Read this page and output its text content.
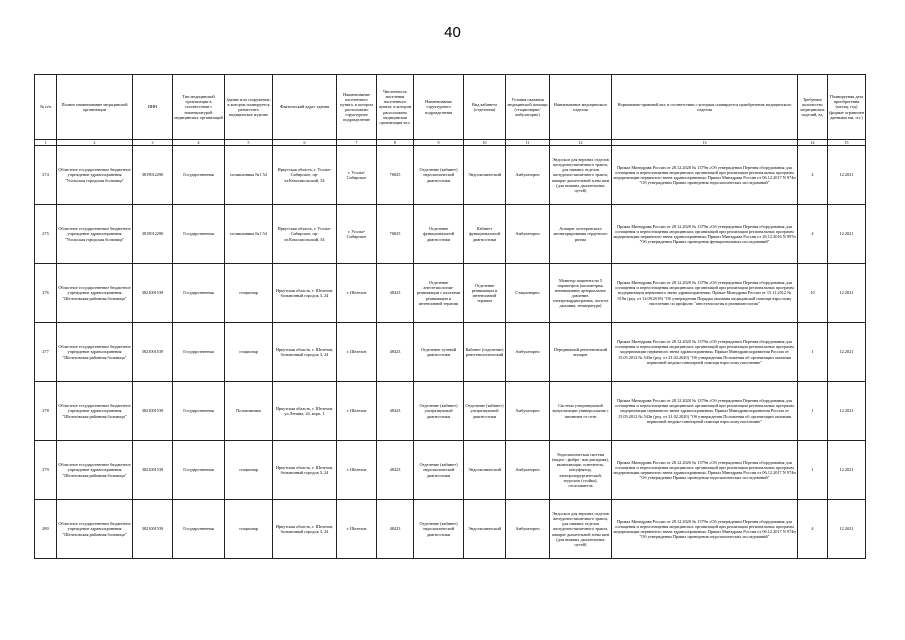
40
№ п/п	Полное наименование медицинской организации	ИНН	Тип медицинской организации в соответствии с номенклатурой медицинских организаций	Здание или сооружение, в котором планируется разместить медицинское изделие	Фактический адрес здания	Наименование населенного пункта, в котором расположено структурное подразделение	Численность населения населенного пункта, в котором расположена медицинская организация чел.	Наименование структурного подразделения	Вид кабинета (отделения)	Условия оказания медицинской помощи (стационарно/амбулаторно)	Наименование медицинского изделия	Нормативно-правовой акт, в соответствии с которым планируется приобретение медицинского изделия	Требуемое количество медицинских изделий, ед.	Планируемая дата приобретения (месяц, год) (формат ограничен данными мм. ггг.)
1	2	3	4	5	6	7	8	9	10	11	12	13	14	15
274	Областное государственное бюджетное учреждение здравоохранения "Усольская городская больница"	3819012290	Государственная	поликлиника №1 54	Иркутская область, г. Усолье-Сибирское, пр-кт.Комсомольский, 54	г. Усолье-Сибирское	76825	Отделение (кабинет) эндоскопической диагностики	Эндоскопический	Амбулаторно	Эндоскоп для верхних отделов желудочно-кишечного тракта, для нижних отделов желудочно-кишечного тракта, аппарат дыхательной зоны шеи (для нижних дыхательных путей)	Приказ Минздрава России от 28.12.2020 № 1379н «Об утверждении Перечня оборудования для оснащения и переоснащения медицинских организаций при реализации региональных программ модернизации первичного звена здравоохранения» Приказ Минздрава России от 06.12.2017 N 974н "Об утверждении Правил проведения эндоскопических исследований"	2	12.2021
275	Областное государственное бюджетное учреждение здравоохранения "Усольская городская больница"	3819012290	Государственная	поликлиника №1 54	Иркутская область, г. Усолье-Сибирское, пр-кт.Комсомольский, 54	г. Усолье-Сибирское	76825	Отделение функциональной диагностики	Кабинет функциональной диагностики	Амбулаторно	Аппарат холтеровского мониторирования сердечного ритма	Приказ Минздрава России от 28.12.2020 № 1379н «Об утверждении Перечня оборудования для оснащения и переоснащения медицинских организаций при реализации региональных программ модернизации первичного звена здравоохранения» Приказ Минздрава России от 26.12.2016 N 997н "Об утверждении Правил проведения функциональных исследований"	4	12.2021
276	Областное государственное бюджетное учреждение здравоохранения "Шелеховская районная больница"	3821001539	Государственная	стационар	Иркутская область, г. Шелехов, больничный городок 3, 24	г. Шелехов	48423	Отделение анестезиологии-реанимации с палатами реанимации и интенсивной терапии	Отделение реанимации и интенсивной терапии	Стационарно	Монитор пациента на 5 параметров (оксиметрия, неинвазивное артериальное давление, электрокардиограмма, частота дыхания, температура)	Приказ Минздрава России от 28.12.2020 № 1379н «Об утверждении Перечня оборудования для оснащения и переоснащения медицинских организаций при реализации региональных программ модернизации первичного звена здравоохранения» Приказ Минздрава России от 15.11.2012 № 919н (ред. от 14.09.2018) "Об утверждении Порядка оказания медицинской помощи взрослому населению по профилю "анестезиология и реаниматология"	10	12.2021
277	Областное государственное бюджетное учреждение здравоохранения "Шелеховская районная больница"	3821001539	Государственная	стационар	Иркутская область, г. Шелехов, больничный городок 3, 24	г. Шелехов	48423	Отделение лучевой диагностики	Кабинет (отделение) рентгенологический	Амбулаторно	Передвижной рентгеновский аппарат	Приказ Минздрава России от 28.12.2020 № 1379н «Об утверждении Перечня оборудования для оснащения и переоснащения медицинских организаций при реализации региональных программ модернизации первичного звена здравоохранения» Приказ Минздравсоцразвития России от 15.05.2012 № 543н (ред. от 21.02.2020) "Об утверждении Положения об организации оказания первичной медико-санитарной помощи взрослому населению"	1	12.2021
278	Областное государственное бюджетное учреждение здравоохранения "Шелеховская районная больница"	3821001539	Государственная	Поликлиника	Иркутская область, г. Шелехов, ул.Ленина, 24, корп. 1	г. Шелехов	48423	Отделение (кабинет) ультразвуковой диагностики	Отделение (кабинет) ультразвуковой диагностики	Амбулаторно	Система ультразвуковой визуализации универсальная с питанием от сети	Приказ Минздрава России от 28.12.2020 № 1379н «Об утверждении Перечня оборудования для оснащения и переоснащения медицинских организаций при реализации региональных программ модернизации первичного звена здравоохранения» Приказ Минздравсоцразвития России от 15.05.2012 № 543н (ред. от 21.02.2020) "Об утверждении Положения об организации оказания первичной медико-санитарной помощи взрослому населению"	1	12.2021
279	Областное государственное бюджетное учреждение здравоохранения "Шелеховская районная больница"	3821001539	Государственная	стационар	Иркутская область, г. Шелехов, больничный городок 3, 24	г. Шелехов	48423	Отделение (кабинет) эндоскопической диагностики	Эндоскопический	Амбулаторно	Эндоскопическая система (видео-, фибро- или ригидная), включающая: осветитель, инсуфлятор, электрохирургический, эндоскоп (стойка), отсасыватель	Приказ Минздрава России от 28.12.2020 № 1379н «Об утверждении Перечня оборудования для оснащения и переоснащения медицинских организаций при реализации региональных программ модернизации первичного звена здравоохранения» Приказ Минздрава России от 06.12.2017 N 974н "Об утверждении Правил проведения эндоскопических исследований"	1	12.2021
280	Областное государственное бюджетное учреждение здравоохранения "Шелеховская районная больница"	3821001539	Государственная	стационар	Иркутская область, г. Шелехов, больничный городок 3, 24	г. Шелехов	48423	Отделение (кабинет) эндоскопической диагностики	Эндоскопический	Амбулаторно	Эндоскоп для верхних отделов желудочно-кишечного тракта, для нижних отделов желудочно-кишечного тракта, аппарат дыхательной зоны шеи (для нижних дыхательных путей)	Приказ Минздрава России от 28.12.2020 № 1379н «Об утверждении Перечня оборудования для оснащения и переоснащения медицинских организаций при реализации региональных программ модернизации первичного звена здравоохранения» Приказ Минздрава России от 06.12.2017 N 974н "Об утверждении Правил проведения эндоскопических исследований"	4	12.2021
